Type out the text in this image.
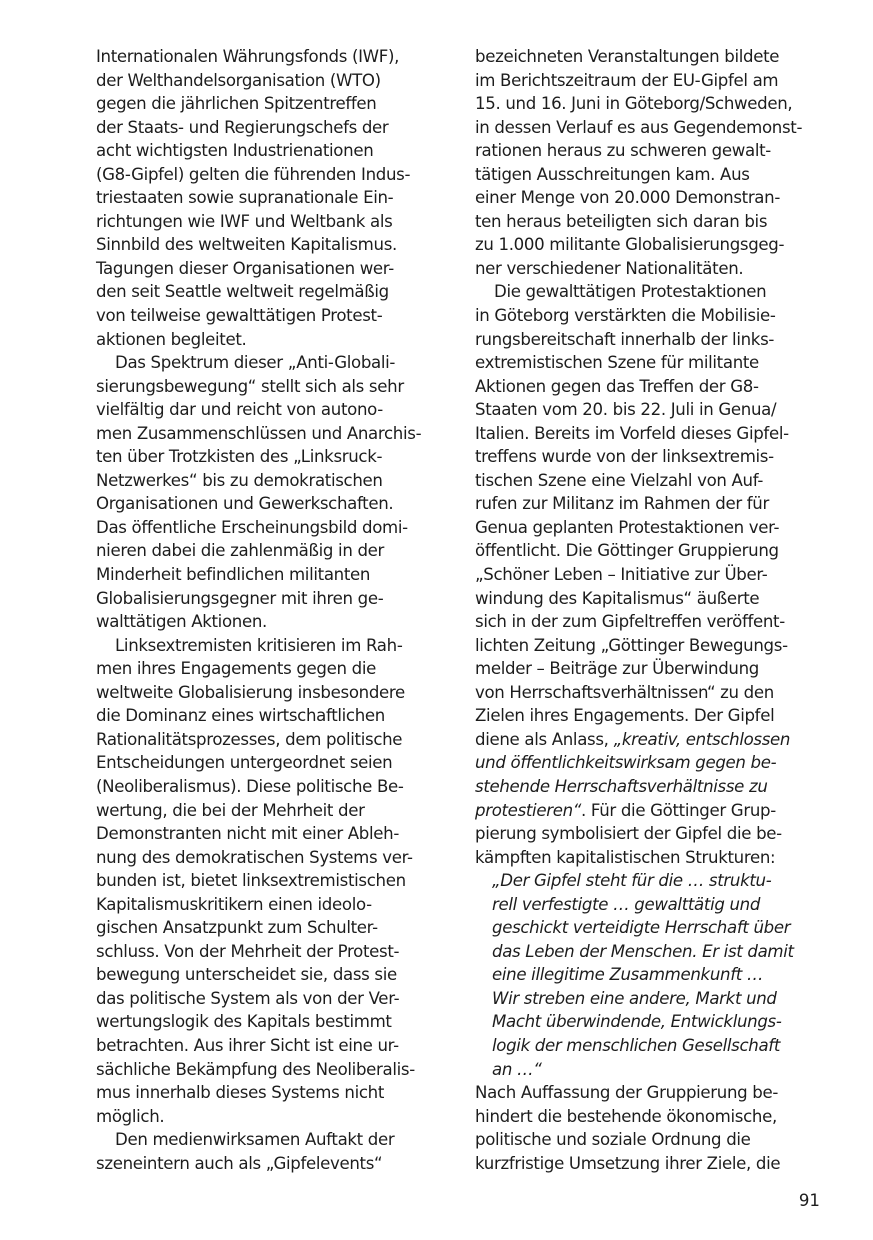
Internationalen Währungsfonds (IWF),
der Welthandelsorganisation (WTO)
gegen die jährlichen Spitzentreffen
der Staats- und Regierungschefs der
acht wichtigsten Industrienationen
(G8-Gipfel) gelten die führenden Indus-
triestaaten sowie supranationale Ein-
richtungen wie IWF und Weltbank als
Sinnbild des weltweiten Kapitalismus.
Tagungen dieser Organisationen wer-
den seit Seattle weltweit regelmäßig
von teilweise gewalttätigen Protest-
aktionen begleitet.
Das Spektrum dieser „Anti-Globali-
sierungsbewegung“ stellt sich als sehr
vielfältig dar und reicht von autono-
men Zusammenschlüssen und Anarchis-
ten über Trotzkisten des „Linksruck-
Netzwerkes“ bis zu demokratischen
Organisationen und Gewerkschaften.
Das öffentliche Erscheinungsbild domi-
nieren dabei die zahlenmäßig in der
Minderheit befindlichen militanten
Globalisierungsgegner mit ihren ge-
walttätigen Aktionen.
Linksextremisten kritisieren im Rah-
men ihres Engagements gegen die
weltweite Globalisierung insbesondere
die Dominanz eines wirtschaftlichen
Rationalitätsprozesses, dem politische
Entscheidungen untergeordnet seien
(Neoliberalismus). Diese politische Be-
wertung, die bei der Mehrheit der
Demonstranten nicht mit einer Ableh-
nung des demokratischen Systems ver-
bunden ist, bietet linksextremistischen
Kapitalismuskritikern einen ideolo-
gischen Ansatzpunkt zum Schulter-
schluss. Von der Mehrheit der Protest-
bewegung unterscheidet sie, dass sie
das politische System als von der Ver-
wertungslogik des Kapitals bestimmt
betrachten. Aus ihrer Sicht ist eine ur-
sächliche Bekämpfung des Neoliberalis-
mus innerhalb dieses Systems nicht
möglich.
Den medienwirksamen Auftakt der
szeneintern auch als „Gipfelevents“
bezeichneten Veranstaltungen bildete
im Berichtszeitraum der EU-Gipfel am
15. und 16. Juni in Göteborg/Schweden,
in dessen Verlauf es aus Gegendemonst-
rationen heraus zu schweren gewalt-
tätigen Ausschreitungen kam. Aus
einer Menge von 20.000 Demonstran-
ten heraus beteiligten sich daran bis
zu 1.000 militante Globalisierungsgeg-
ner verschiedener Nationalitäten.
Die gewalttätigen Protestaktionen
in Göteborg verstärkten die Mobilisie-
rungsbereitschaft innerhalb der links-
extremistischen Szene für militante
Aktionen gegen das Treffen der G8-
Staaten vom 20. bis 22. Juli in Genua/
Italien. Bereits im Vorfeld dieses Gipfel-
treffens wurde von der linksextremis-
tischen Szene eine Vielzahl von Auf-
rufen zur Militanz im Rahmen der für
Genua geplanten Protestaktionen ver-
öffentlicht. Die Göttinger Gruppierung
„Schöner Leben – Initiative zur Über-
windung des Kapitalismus“ äußerte
sich in der zum Gipfeltreffen veröffent-
lichten Zeitung „Göttinger Bewegungs-
melder – Beiträge zur Überwindung
von Herrschaftsverhältnissen“ zu den
Zielen ihres Engagements. Der Gipfel
diene als Anlass, „kreativ, entschlossen
und öffentlichkeitswirksam gegen be-
stehende Herrschaftsverhältnisse zu
protestieren“. Für die Göttinger Grup-
pierung symbolisiert der Gipfel die be-
kämpften kapitalistischen Strukturen:
„Der Gipfel steht für die … struktu-
rell verfestigte … gewalttätig und
geschickt verteidigte Herrschaft über
das Leben der Menschen. Er ist damit
eine illegitime Zusammenkunft …
Wir streben eine andere, Markt und
Macht überwindende, Entwicklungs-
logik der menschlichen Gesellschaft
an …“
Nach Auffassung der Gruppierung be-
hindert die bestehende ökonomische,
politische und soziale Ordnung die
kurzfristige Umsetzung ihrer Ziele, die
91
